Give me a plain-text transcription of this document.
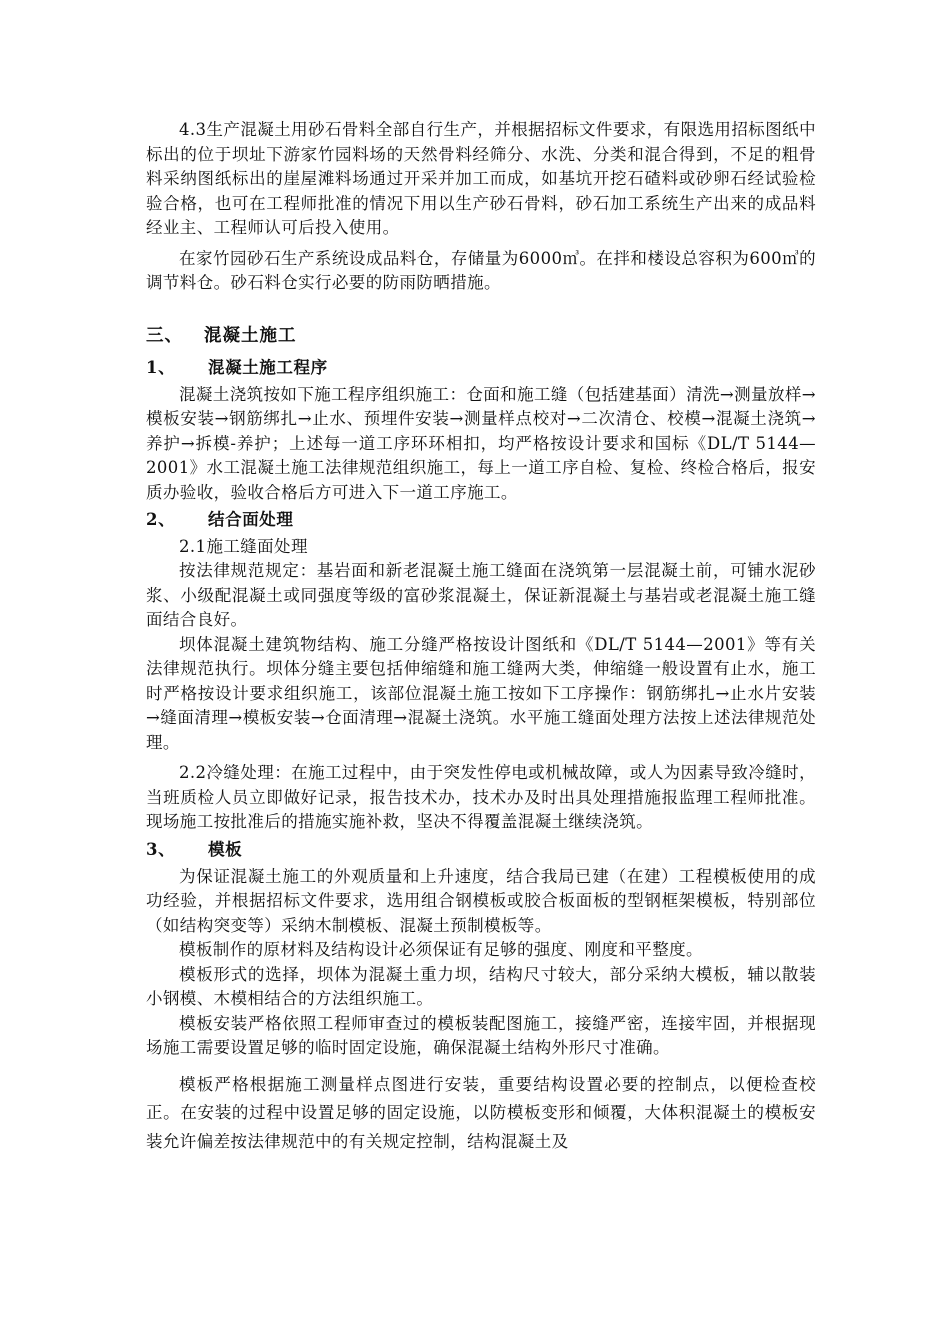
4.3生产混凝土用砂石骨料全部自行生产，并根据招标文件要求，有限选用招标图纸中标出的位于坝址下游家竹园料场的天然骨料经筛分、水洗、分类和混合得到，不足的粗骨料采纳图纸标出的崖屋滩料场通过开采并加工而成，如基坑开挖石碴料或砂卵石经试验检验合格，也可在工程师批准的情况下用以生产砂石骨料，砂石加工系统生产出来的成品料经业主、工程师认可后投入使用。

在家竹园砂石生产系统设成品料仓，存储量为6000㎥。在拌和楼设总容积为600㎥的调节料仓。砂石料仓实行必要的防雨防晒措施。

三、 混凝土施工
1、 混凝土施工程序

混凝土浇筑按如下施工程序组织施工：仓面和施工缝（包括建基面）清洗→测量放样→模板安装→钢筋绑扎→止水、预埋件安装→测量样点校对→二次清仓、校模→混凝土浇筑→养护→拆模-养护；上述每一道工序环环相扣，均严格按设计要求和国标《DL/T 5144—2001》水工混凝土施工法律规范组织施工，每上一道工序自检、复检、终检合格后，报安质办验收，验收合格后方可进入下一道工序施工。

2、 结合面处理

2.1施工缝面处理

按法律规范规定：基岩面和新老混凝土施工缝面在浇筑第一层混凝土前，可铺水泥砂浆、小级配混凝土或同强度等级的富砂浆混凝土，保证新混凝土与基岩或老混凝土施工缝面结合良好。

坝体混凝土建筑物结构、施工分缝严格按设计图纸和《DL/T 5144—2001》等有关法律规范执行。坝体分缝主要包括伸缩缝和施工缝两大类，伸缩缝一般设置有止水，施工时严格按设计要求组织施工，该部位混凝土施工按如下工序操作：钢筋绑扎→止水片安装→缝面清理→模板安装→仓面清理→混凝土浇筑。水平施工缝面处理方法按上述法律规范处理。

2.2冷缝处理：在施工过程中，由于突发性停电或机械故障，或人为因素导致冷缝时，当班质检人员立即做好记录，报告技术办，技术办及时出具处理措施报监理工程师批准。现场施工按批准后的措施实施补救，坚决不得覆盖混凝土继续浇筑。

3、 模板

为保证混凝土施工的外观质量和上升速度，结合我局已建（在建）工程模板使用的成功经验，并根据招标文件要求，选用组合钢模板或胶合板面板的型钢框架模板，特别部位（如结构突变等）采纳木制模板、混凝土预制模板等。

模板制作的原材料及结构设计必须保证有足够的强度、刚度和平整度。

模板形式的选择，坝体为混凝土重力坝，结构尺寸较大，部分采纳大模板，辅以散装小钢模、木模相结合的方法组织施工。

模板安装严格依照工程师审查过的模板装配图施工，接缝严密，连接牢固，并根据现场施工需要设置足够的临时固定设施，确保混凝土结构外形尺寸准确。

模板严格根据施工测量样点图进行安装，重要结构设置必要的控制点，以便检查校正。在安装的过程中设置足够的固定设施，以防模板变形和倾覆，大体积混凝土的模板安装允许偏差按法律规范中的有关规定控制，结构混凝土及
